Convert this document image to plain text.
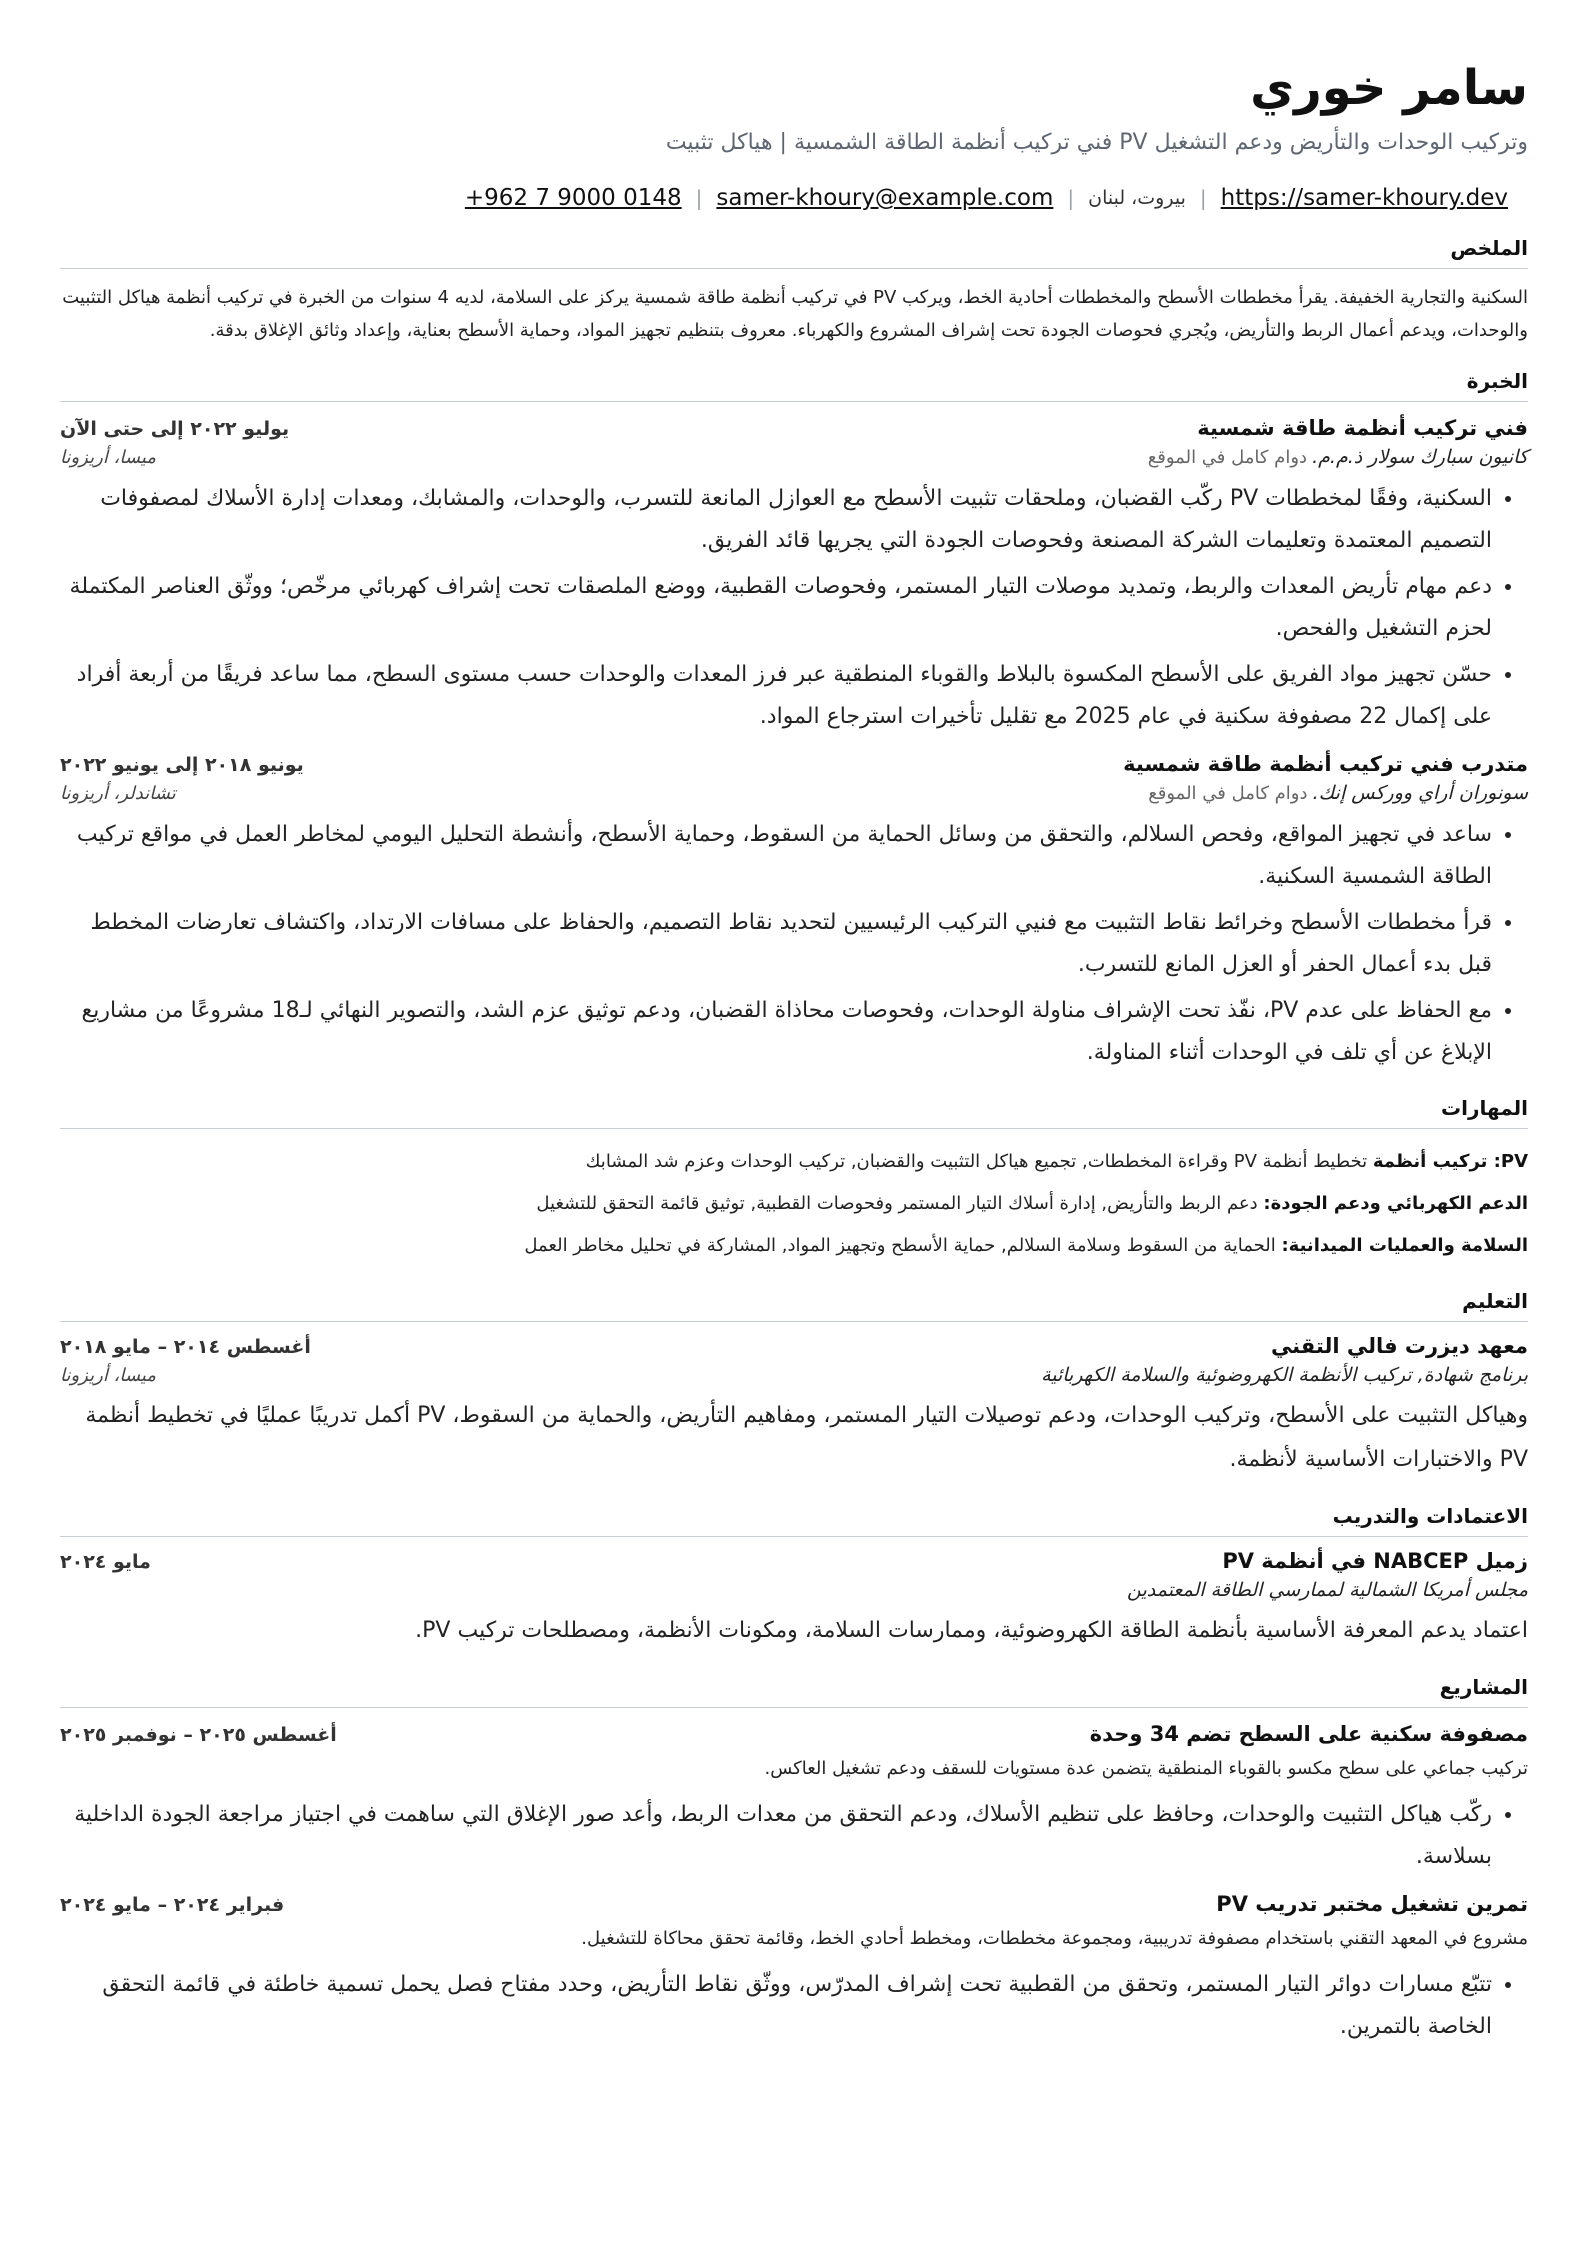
سامر خوري
وتركيب الوحدات والتأريض ودعم التشغيل PV فني تركيب أنظمة الطاقة الشمسية | هياكل تثبيت
+962 7 9000 0148 | samer-khoury@example.com | بيروت، لبنان | https://samer-khoury.dev
الملخص
السكنية والتجارية الخفيفة. يقرأ مخططات الأسطح والمخططات أحادية الخط، ويركب PV في تركيب أنظمة طاقة شمسية يركز على السلامة، لديه 4 سنوات من الخبرة في تركيب أنظمة هياكل التثبيت والوحدات، ويدعم أعمال الربط والتأريض، ويُجري فحوصات الجودة تحت إشراف المشروع والكهرباء. معروف بتنظيم تجهيز المواد، وحماية الأسطح بعناية، وإعداد وثائق الإغلاق بدقة.
الخبرة
فني تركيب أنظمة طاقة شمسية
يوليو ٢٠٢٢ إلى حتى الآن
كانيون سبارك سولار ذ.م.م. دوام كامل في الموقع
ميسا، أريزونا
• السكنية، وفقًا لمخططات PV ركّب القضبان، وملحقات تثبيت الأسطح مع العوازل المانعة للتسرب، والوحدات، والمشابك، ومعدات إدارة الأسلاك لمصفوفات التصميم المعتمدة وتعليمات الشركة المصنعة وفحوصات الجودة التي يجريها قائد الفريق.
• دعم مهام تأريض المعدات والربط، وتمديد موصلات التيار المستمر، وفحوصات القطبية، ووضع الملصقات تحت إشراف كهربائي مرخّص؛ ووثّق العناصر المكتملة لحزم التشغيل والفحص.
• حسّن تجهيز مواد الفريق على الأسطح المكسوة بالبلاط والقوباء المنطقية عبر فرز المعدات والوحدات حسب مستوى السطح، مما ساعد فريقًا من أربعة أفراد على إكمال 22 مصفوفة سكنية في عام 2025 مع تقليل تأخيرات استرجاع المواد.
متدرب فني تركيب أنظمة طاقة شمسية
يونيو ٢٠١٨ إلى يونيو ٢٠٢٢
سونوران أراي ووركس إنك. دوام كامل في الموقع
تشاندلر، أريزونا
• ساعد في تجهيز المواقع، وفحص السلالم، والتحقق من وسائل الحماية من السقوط، وحماية الأسطح، وأنشطة التحليل اليومي لمخاطر العمل في مواقع تركيب الطاقة الشمسية السكنية.
• قرأ مخططات الأسطح وخرائط نقاط التثبيت مع فنيي التركيب الرئيسيين لتحديد نقاط التصميم، والحفاظ على مسافات الارتداد، واكتشاف تعارضات المخطط قبل بدء أعمال الحفر أو العزل المانع للتسرب.
• مع الحفاظ على عدم PV، نفّذ تحت الإشراف مناولة الوحدات، وفحوصات محاذاة القضبان، ودعم توثيق عزم الشد، والتصوير النهائي لـ18 مشروعًا من مشاريع الإبلاغ عن أي تلف في الوحدات أثناء المناولة.
المهارات
PV: تركيب أنظمة تخطيط أنظمة PV وقراءة المخططات, تجميع هياكل التثبيت والقضبان, تركيب الوحدات وعزم شد المشابك
الدعم الكهربائي ودعم الجودة: دعم الربط والتأريض, إدارة أسلاك التيار المستمر وفحوصات القطبية, توثيق قائمة التحقق للتشغيل
السلامة والعمليات الميدانية: الحماية من السقوط وسلامة السلالم, حماية الأسطح وتجهيز المواد, المشاركة في تحليل مخاطر العمل
التعليم
معهد ديزرت فالي التقني
أغسطس ٢٠١٤ – مايو ٢٠١٨
برنامج شهادة, تركيب الأنظمة الكهروضوئية والسلامة الكهربائية
ميسا، أريزونا
وهياكل التثبيت على الأسطح، وتركيب الوحدات، ودعم توصيلات التيار المستمر، ومفاهيم التأريض، والحماية من السقوط، PV أكمل تدريبًا عمليًا في تخطيط أنظمة PV والاختبارات الأساسية لأنظمة.
الاعتمادات والتدريب
زميل NABCEP في أنظمة PV
مايو ٢٠٢٤
مجلس أمريكا الشمالية لممارسي الطاقة المعتمدين
اعتماد يدعم المعرفة الأساسية بأنظمة الطاقة الكهروضوئية، وممارسات السلامة، ومكونات الأنظمة، ومصطلحات تركيب PV.
المشاريع
مصفوفة سكنية على السطح تضم 34 وحدة
أغسطس ٢٠٢٥ – نوفمبر ٢٠٢٥
تركيب جماعي على سطح مكسو بالقوباء المنطقية يتضمن عدة مستويات للسقف ودعم تشغيل العاكس.
• ركّب هياكل التثبيت والوحدات، وحافظ على تنظيم الأسلاك، ودعم التحقق من معدات الربط، وأعد صور الإغلاق التي ساهمت في اجتياز مراجعة الجودة الداخلية بسلاسة.
تمرين تشغيل مختبر تدريب PV
فبراير ٢٠٢٤ – مايو ٢٠٢٤
مشروع في المعهد التقني باستخدام مصفوفة تدريبية، ومجموعة مخططات، ومخطط أحادي الخط، وقائمة تحقق محاكاة للتشغيل.
• تتبّع مسارات دوائر التيار المستمر، وتحقق من القطبية تحت إشراف المدرّس، ووثّق نقاط التأريض، وحدد مفتاح فصل يحمل تسمية خاطئة في قائمة التحقق الخاصة بالتمرين.
